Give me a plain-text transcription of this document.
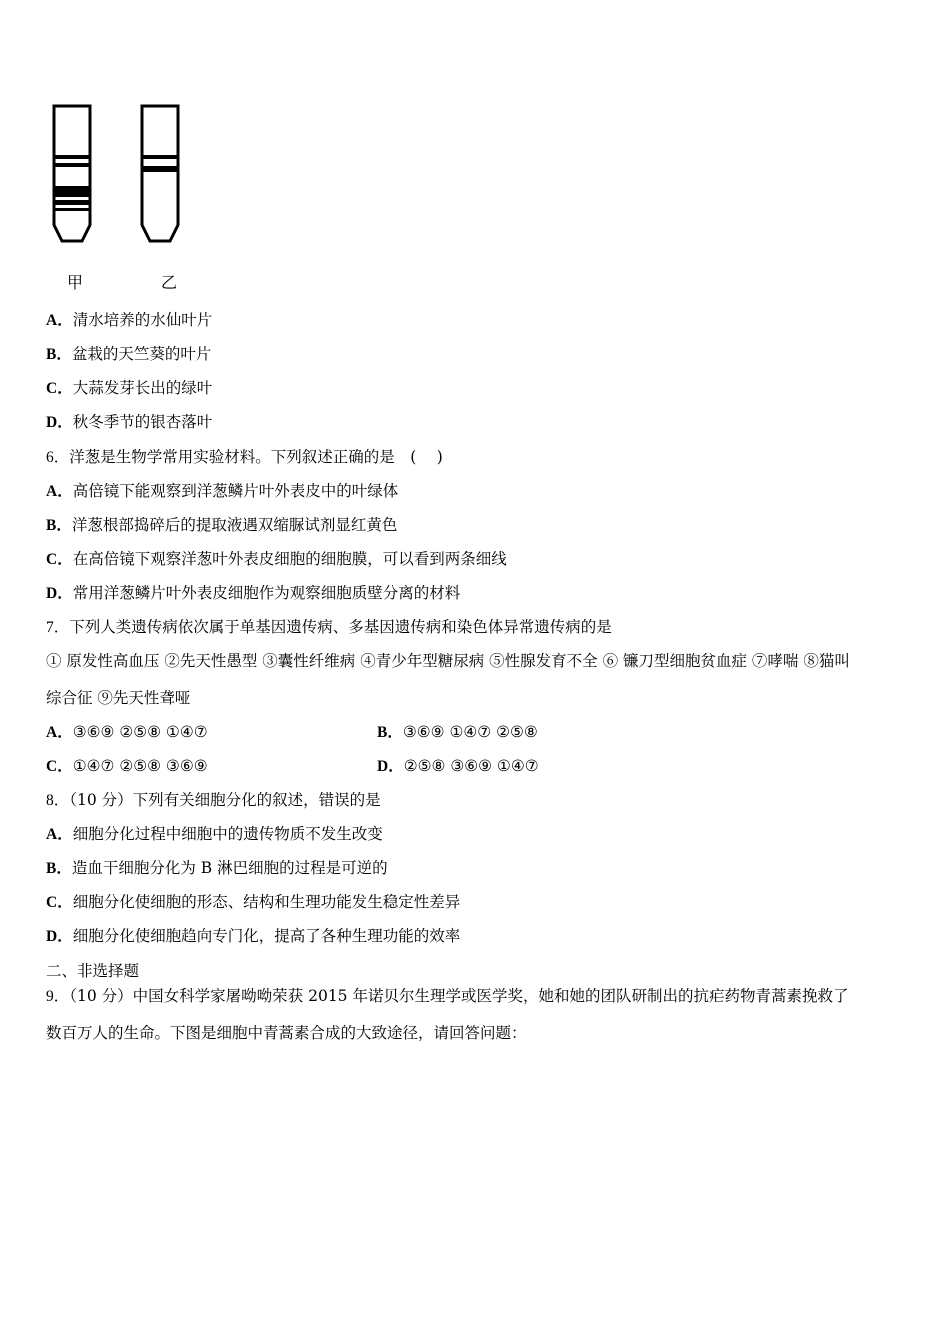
甲	乙
A．清水培养的水仙叶片
B．盆栽的天竺葵的叶片
C．大蒜发芽长出的绿叶
D．秋冬季节的银杏落叶
6．洋葱是生物学常用实验材料。下列叙述正确的是　(　 )
A．高倍镜下能观察到洋葱鳞片叶外表皮中的叶绿体
B．洋葱根部捣碎后的提取液遇双缩脲试剂显红黄色
C．在高倍镜下观察洋葱叶外表皮细胞的细胞膜，可以看到两条细线
D．常用洋葱鳞片叶外表皮细胞作为观察细胞质壁分离的材料
7．下列人类遗传病依次属于单基因遗传病、多基因遗传病和染色体异常遗传病的是
① 原发性高血压 ②先天性愚型 ③囊性纤维病 ④青少年型糖尿病 ⑤性腺发育不全 ⑥ 镰刀型细胞贫血症 ⑦哮喘 ⑧猫叫
综合征 ⑨先天性聋哑
A．③⑥⑨ ②⑤⑧ ①④⑦	B．③⑥⑨ ①④⑦ ②⑤⑧
C．①④⑦ ②⑤⑧ ③⑥⑨	D．②⑤⑧ ③⑥⑨ ①④⑦
8．（10 分）下列有关细胞分化的叙述，错误的是
A．细胞分化过程中细胞中的遗传物质不发生改变
B．造血干细胞分化为 B 淋巴细胞的过程是可逆的
C．细胞分化使细胞的形态、结构和生理功能发生稳定性差异
D．细胞分化使细胞趋向专门化，提高了各种生理功能的效率
二、非选择题
9．（10 分）中国女科学家屠呦呦荣获 2015 年诺贝尔生理学或医学奖，她和她的团队研制出的抗疟药物青蒿素挽救了
数百万人的生命。下图是细胞中青蒿素合成的大致途径，请回答问题：
